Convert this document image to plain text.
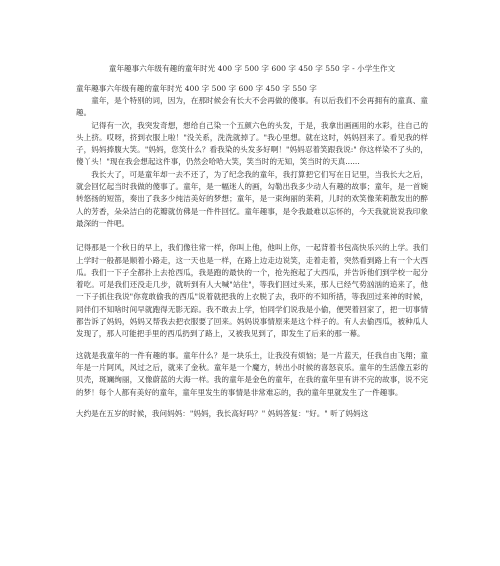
童年趣事六年级有趣的童年时光 400 字 500 字 600 字 450 字 550 字 - 小学生作文

童年趣事六年级有趣的童年时光 400 字 500 字 600 字 450 字 550 字

童年，是个特别的词，因为，在那时候会有长大不会再做的傻事。有以后我们不会再拥有的童真、童趣。

记得有一次，我突发奇想，想给自己染一个五颜六色的头发，于是，我拿出画画用的水彩，往自己的头上挤。哎呀，挤到衣服上啦！"没关系，洗洗就掉了。"我心里想。就在这时，妈妈回来了。看见我的样子，妈妈捧腹大笑。"妈妈，您笑什么？看我染的头发多好啊！"妈妈忍着笑跟我说:" 你这样染不了头的，傻丫头！"现在我会想起这件事，仍然会哈哈大笑，笑当时的无知，笑当时的天真......

我长大了，可是童年却一去不还了，为了纪念我的童年，我打算把它们写在日记里，当我长大之后，就会回忆起当时我做的傻事了。童年，是一幅迷人的画，勾勒出我多少动人有趣的故事；童年，是一首婉转悠扬的短笛，奏出了我多少纯洁美好的梦想；童年，是一束绚丽的苿莉，儿时的欢笑像茉莉散发出的醉人的芳香，朵朵洁白的花瓣就仿佛是一件件回忆。童年趣事，是令我最难以忘怀的，今天我就说说我印象最深的一件吧。

记得那是一个秋日的早上，我们像往常一样，你叫上他，他叫上你，一起背着书包高快乐兴的上学。我们上学时一般都是顺着小路走，这一天也是一样，在路上边走边说笑，走着走着，突然看到路上有一个大西瓜。我们一下子全都扑上去抢西瓜，我是跑的最快的一个，抢先抱起了大西瓜，并告诉他们到学校一起分着吃。可是我们还没走几步，就听到有人大喊"站住"，等我们回过头来，那人已经气势汹汹的追来了，他一下子抓住我说"你竟敢偷我的西瓜"说着就把我的上衣脱了去，我吓的不知所措，等我回过来神的时候，同伴们不知啥时间早就跑得无影无踪。我不敢去上学，怕同学们说我是小偷，便哭着回家了，把一切事情都告诉了妈妈，妈妈又帮我去把衣服要了回来。妈妈说事情原来是这个样子的。有人去偷西瓜，被种瓜人发现了，那人可能把手里的西瓜扔到了路上，又被我见到了，即发生了后来的那一幕。

这就是我童年的一件有趣的事。童年什么？是一块乐土，让我没有烦恼；是一片蓝天，任我自由飞翔；童年是一片阿风，风过之后，就来了金秋。童年是一个魔方，转出小时候的喜怒哀乐。童年的生活像五彩的贝壳，斑斓绚丽，又像蔚蓝的大海一样。我的童年是金色的童年，在我的童年里有讲不完的故事，说不完的梦！每个人都有美好的童年，童年里发生的事情是非常难忘的，我的童年里就发生了一件趣事。

大约是在五岁的时候，我问妈妈："妈妈，我长高好吗？" 妈妈答复："好。" 听了妈妈这
